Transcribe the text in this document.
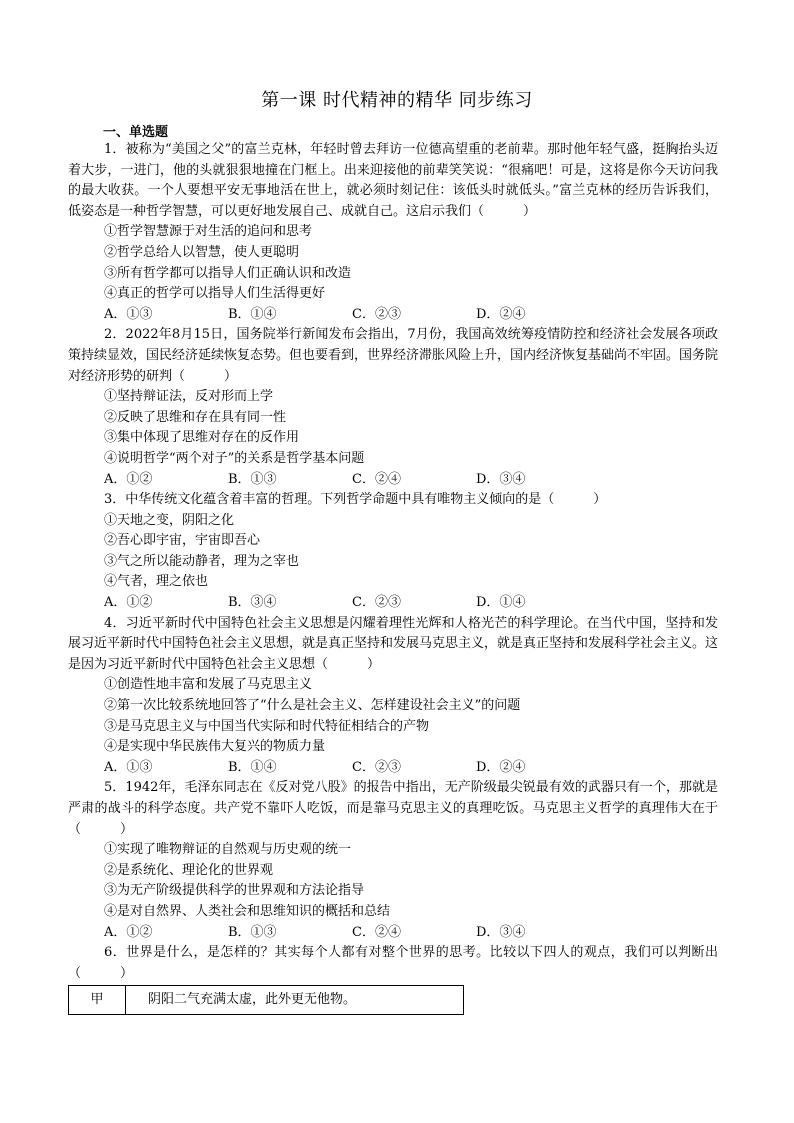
第一课 时代精神的精华 同步练习
一、单选题

1．被称为“美国之父”的富兰克林，年轻时曾去拜访一位德高望重的老前辈。那时他年轻气盛，挺胸抬头迈着大步，一进门，他的头就狠狠地撞在门框上。出来迎接他的前辈笑笑说：“很痛吧！可是，这将是你今天访问我的最大收获。一个人要想平安无事地活在世上，就必须时刻记住：该低头时就低头。”富兰克林的经历告诉我们，低姿态是一种哲学智慧，可以更好地发展自己、成就自己。这启示我们（　　　）

①哲学智慧源于对生活的追问和思考

②哲学总给人以智慧，使人更聪明

③所有哲学都可以指导人们正确认识和改造

④真正的哲学可以指导人们生活得更好

A．①③	B．①④	C．②③	D．②④

2．2022年8月15日，国务院举行新闻发布会指出，7月份，我国高效统筹疫情防控和经济社会发展各项政策持续显效，国民经济延续恢复态势。但也要看到，世界经济滞胀风险上升，国内经济恢复基础尚不牢固。国务院对经济形势的研判（　　　）

①坚持辩证法，反对形而上学

②反映了思维和存在具有同一性

③集中体现了思维对存在的反作用

④说明哲学“两个对子”的关系是哲学基本问题

A．①②	B．①③	C．②④	D．③④

3．中华传统文化蕴含着丰富的哲理。下列哲学命题中具有唯物主义倾向的是（　　　）

①天地之变，阴阳之化

②吾心即宇宙，宇宙即吾心

③气之所以能动静者，理为之宰也

④气者，理之依也

A．①②	B．③④	C．②③	D．①④

4．习近平新时代中国特色社会主义思想是闪耀着理性光辉和人格光芒的科学理论。在当代中国，坚持和发展习近平新时代中国特色社会主义思想，就是真正坚持和发展马克思主义，就是真正坚持和发展科学社会主义。这是因为习近平新时代中国特色社会主义思想（　　　）

①创造性地丰富和发展了马克思主义

②第一次比较系统地回答了“什么是社会主义、怎样建设社会主义”的问题

③是马克思主义与中国当代实际和时代特征相结合的产物

④是实现中华民族伟大复兴的物质力量

A．①③	B．①④	C．②③	D．②④

5．1942年，毛泽东同志在《反对党八股》的报告中指出，无产阶级最尖锐最有效的武器只有一个，那就是严肃的战斗的科学态度。共产党不靠吓人吃饭，而是靠马克思主义的真理吃饭。马克思主义哲学的真理伟大在于（　　　）

①实现了唯物辩证的自然观与历史观的统一

②是系统化、理论化的世界观

③为无产阶级提供科学的世界观和方法论指导

④是对自然界、人类社会和思维知识的概括和总结

A．①②	B．①③	C．②④	D．③④

6．世界是什么，是怎样的？其实每个人都有对整个世界的思考。比较以下四人的观点，我们可以判断出（　　　）

甲	阴阳二气充满太虚，此外更无他物。
